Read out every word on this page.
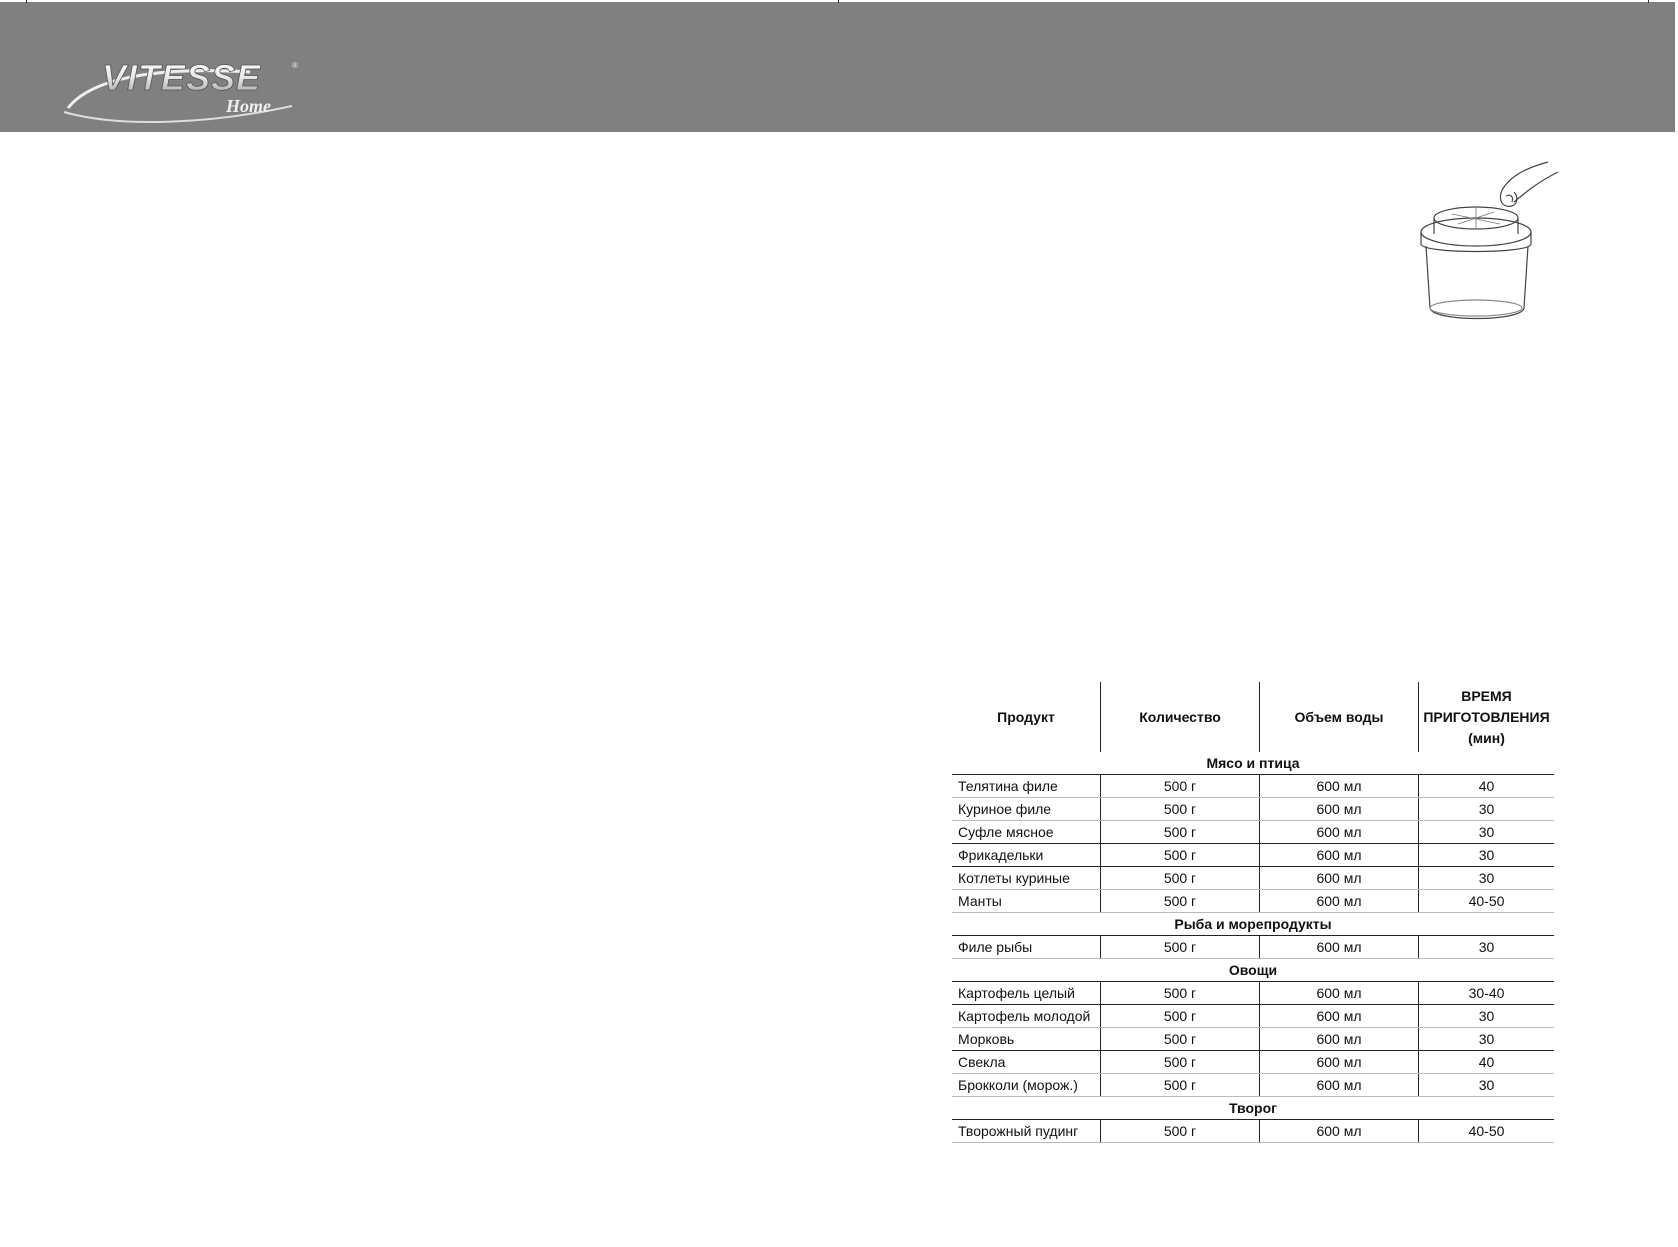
VITESSE	®
Home
Продукт	Количество	Объем воды	ВРЕМЯ
ПРИГОТОВЛЕНИЯ
(мин)
Мясо и птица			
Телятина филе	500 г	600 мл	40
Куриное филе	500 г	600 мл	30
Суфле мясное	500 г	600 мл	30
Фрикадельки	500 г	600 мл	30
Котлеты куриные	500 г	600 мл	30
Манты	500 г	600 мл	40-50
Рыба и морепродукты			
Филе рыбы	500 г	600 мл	30
Овощи			
Картофель целый	500 г	600 мл	30-40
Картофель молодой	500 г	600 мл	30
Морковь	500 г	600 мл	30
Свекла	500 г	600 мл	40
Брокколи (морож.)	500 г	600 мл	30
Творог			
Творожный пудинг	500 г	600 мл	40-50
